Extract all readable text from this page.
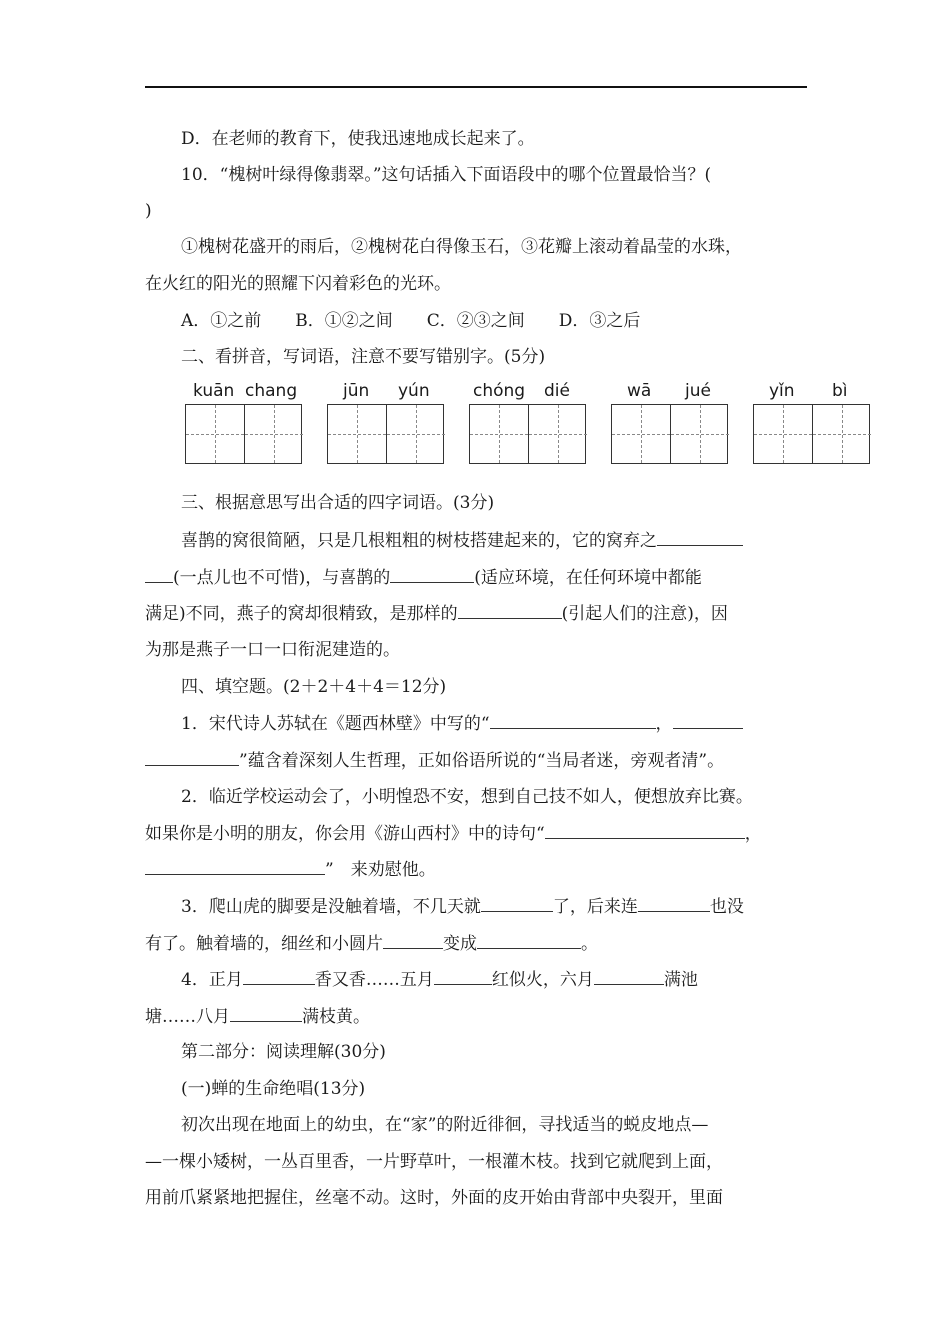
D．在老师的教育下，使我迅速地成长起来了。
10．“槐树叶绿得像翡翠。”这句话插入下面语段中的哪个位置最恰当？(
)
①槐树花盛开的雨后，②槐树花白得像玉石，③花瓣上滚动着晶莹的水珠，
在火红的阳光的照耀下闪着彩色的光环。
A．①之前　　B．①②之间　　C．②③之间　　D．③之后
二、看拼音，写词语，注意不要写错别字。(5分)
kuān chang	jūn yún	chóng dié	wā jué	yǐn bì
三、根据意思写出合适的四字词语。(3分)
喜鹊的窝很简陋，只是几根粗粗的树枝搭建起来的，它的窝弃之
(一点儿也不可惜)，与喜鹊的	(适应环境，在任何环境中都能
满足)不同，燕子的窝却很精致，是那样的	(引起人们的注意)，因
为那是燕子一口一口衔泥建造的。
四、填空题。(2＋2＋4＋4＝12分)
1．宋代诗人苏轼在《题西林壁》中写的“	，
”蕴含着深刻人生哲理，正如俗语所说的“当局者迷，旁观者清”。
2．临近学校运动会了，小明惶恐不安，想到自己技不如人，便想放弃比赛。
如果你是小明的朋友，你会用《游山西村》中的诗句“	，
”　来劝慰他。
3．爬山虎的脚要是没触着墙，不几天就	了，后来连	也没
有了。触着墙的，细丝和小圆片	变成	。
4．正月	香又香……五月	红似火，六月	满池
塘……八月	满枝黄。
第二部分：阅读理解(30分)
(一)蝉的生命绝唱(13分)
初次出现在地面上的幼虫，在“家”的附近徘徊，寻找适当的蜕皮地点—
—一棵小矮树，一丛百里香，一片野草叶，一根灌木枝。找到它就爬到上面，
用前爪紧紧地把握住，丝毫不动。这时，外面的皮开始由背部中央裂开，里面
